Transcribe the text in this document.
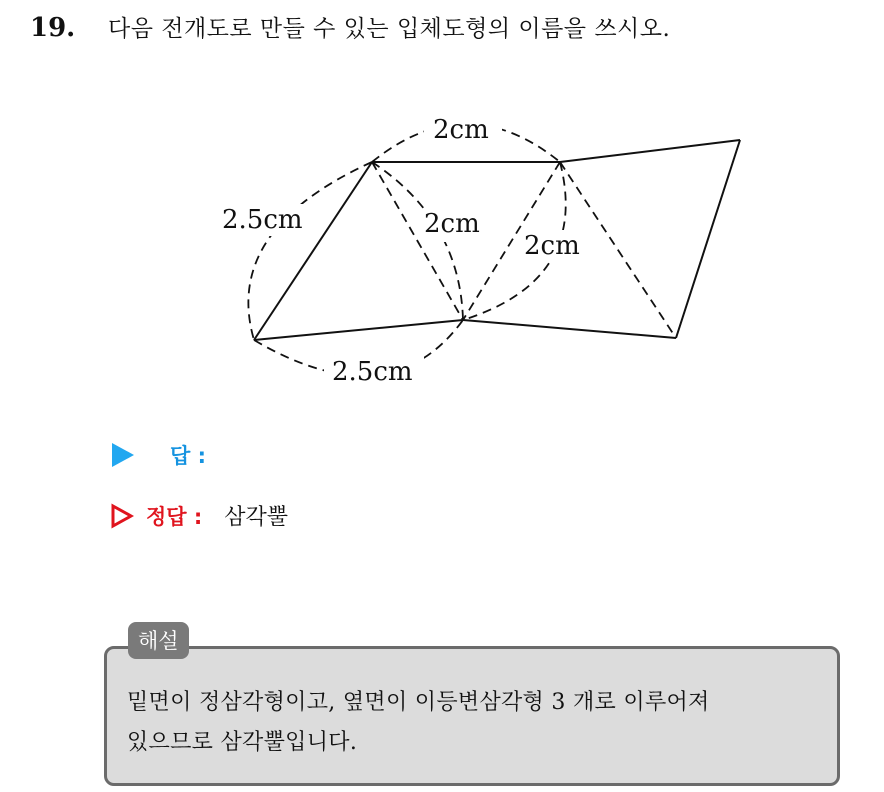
19.	다음 전개도로 만들 수 있는 입체도형의 이름을 쓰시오.
2cm
2.5cm	2cm
2cm
2.5cm
답 :
정답 : 삼각뿔
밑면이 정삼각형이고, 옆면이 이등변삼각형 3 개로 이루어져
있으므로 삼각뿔입니다.
해설
